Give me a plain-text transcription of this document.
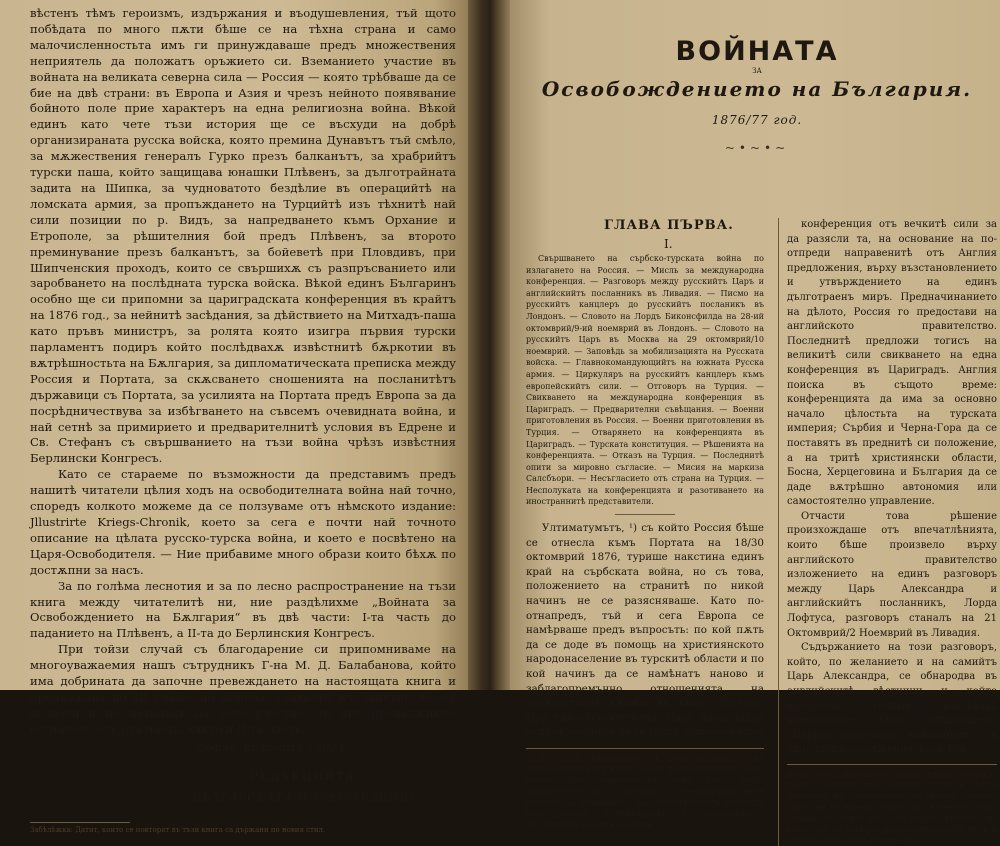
вѣстенъ тѣмъ героизмъ, издържания и въодушевления, тъй щото побѣдата по много пѫти бѣше се на тѣхна страна и само малочисленностьта имъ ги принуждаваше предъ множествения неприятель да положатъ оръжието си. Вземанието участие въ войната на великата северна сила — Россия — която трѣбваше да се бие на двѣ страни: въ Европа и Азия и чрезъ нейното появявание бойното поле прие характеръ на една религиозна война. Вѣкой единъ като чете тъзи история ще се въсхуди на добрѣ организираната русска войска, която премина Дунавътъ тъй смѣло, за мѫжествения генералъ Гурко презъ балканътъ, за храбрийтъ турски паша, който защищава юнашки Плѣвенъ, за дълготрайната задита на Шипка, за чудноватото бездѣлие въ операцийтѣ на ломската армия, за пропъждането на Турцийтѣ изъ тѣхнитѣ най сили позиции по р. Видъ, за напредването къмъ Орхание и Етрополе, за рѣшителния бой предъ Плѣвенъ, за второто преминувание презъ балканътъ, за бойеветѣ при Пловдивъ, при Шипченския проходъ, които се свършихѫ съ разпръсванието или заробването на послѣдната турска войска. Вѣкой единъ Българинъ особно ще си припомни за цариградската конференция въ крайтъ на 1876 год., за нейнитѣ засѣдания, за дѣйствието на Митхадъ-паша като пръвъ министръ, за ролята която изигра първия турски парламентъ подиръ който послѣдвахѫ извѣстнитѣ бѫркотии въ вѫтрѣшностьта на Бѫлгария, за дипломатическата преписка между Россия и Портата, за скѫсването сношенията на посланитѣтъ държавици съ Портата, за усилията на Портата предъ Европа за да посрѣдничествува за избѣгването на съвсемъ очевидната война, и най сетнѣ за примирието и предварителнитѣ условия въ Едрене и Св. Стефанъ съ свършванието на тъзи война чрѣзъ извѣстния Берлински Конгресъ.

Като се стараеме по възможности да представимъ предъ нашитѣ читатели цѣлия ходъ на освободителната война най точно, споредъ колкото можеме да се ползуваме отъ нѣмското издание: Jllustrirte Kriegs-Chronik, което за сега е почти най точното описание на цѣлата русско-турска война, и което е посвѣтено на Царя-Освободителя. — Ние прибавиме много образи които бѣхѫ по достѫпни за насъ.

За по голѣма леснотия и за по лесно распространение на тъзи книга между читателитѣ ни, ние раздѣлихме „Войната за Освобождението на Бѫлгария“ въ двѣ части: I-та часть до паданието на Плѣвенъ, а II-та до Берлинския Конгресъ.

При тойзи случай съ благодарение си припомниваме на многоуважаемия нашъ сътрудникъ Г-на М. Д. Балабанова, който има добрината да започне превеждането на настоящата книга и продължава до III глава; но понеже главното му занятие не му позволи и по натадъкъ да земе участие, то ние продължихме остналото отъ I-та часть, както и II-та часть.

София, въ крайтъ 1882 г.
РЕДАКЦИЯТА
на
„БЪЛГАРСКАТА ИЛЛЮСТРАЦИЯ“.
Забѣлѣжка: Датит, които се повторят въ тъзи книга са държани по новия стил.
ВОЙНАТА
ЗА
Освобождението на България.
1876/77 год.
~•~•~
ГЛАВА ПЪРВА.
I.
Свършването на сърбско-турската война по излагането на Россия. — Мисль за международна конференция. — Разговоръ между русскийтъ Царъ и английскийтъ посланникъ въ Ливадия. — Писмо на русскийтъ канцлеръ до русскийтъ посланикъ въ Лондонъ. — Словото на Лордъ Биконсфилда на 28-ий октомврий/9-ий ноемврий въ Лондонъ. — Словото на русскийтъ Царъ въ Москва на 29 октомврий/10 ноемврий. — Заповѣдь за мобилизацията на Русската войска. — Главнокомандующийтъ на южната Русска армия. — Циркуляръ на русскийтъ канцлеръ къмъ европейскийтъ сили. — Отговоръ на Турция. — Свикването на международна конференция въ Цариградъ. — Предварителни съвѣщания. — Военни приготовления въ Россия. — Военни приготовления въ Турция. — Отварянето на конференцията въ Цариградъ. — Турската конституция. — Рѣшенията на конференцията. — Отказъ на Турция. — Последнитѣ опити за мировно съгласие. — Мисия на маркиза Салсбъори. — Несъгласието отъ страна на Турция. — Несполуката на конференцията и разотиването на иностраннитѣ представители.

Ултиматумътъ, ¹) съ който Россия бѣше се отнесла къмъ Портата на 18/30 октомврий 1876, турише накстина единъ край на сърбската война, но съ това, положението на странитѣ по никой начинъ не се разясняваше. Като по-отнапредъ, тъй и сега Европа се намѣрваше предъ въпросъть: по кой пѫть да се доде въ помощь на християнското народонаселение въ турскитѣ области и по кой начинъ да се намѣнатъ наново и заблагопремънно отношенията на подвластнитѣ княжества къмъ Портата. При тия обстоятелства, Царь Александра исказа желание да се свика поканено една

¹) М. Д. Б. Ултиматумъ съ дума латинска и въ дипломатическитѣ язикъ, значи предложението, което прави едно правителство къмъ едно друго правителство като послѣдно и невъзвратно вече условие за решаването на съществующата помежду имъ распря. Ултиматумътъ е окончателното послѣдствие на една размяна

конференция отъ вечкитѣ сили за да разясли та, на основание на по-отпреди направенитѣ отъ Англия предложения, върху възстановлението и утвърждението на единъ дълготраенъ миръ. Предначинанието на дѣлото, Россия го предостави на английското правителство. Последнитѣ предложи тогисъ на великитѣ сили свикването на една конференция въ Цариградъ. Англия поиска въ същото време: конференцията да има за основно начало цѣлостьта на турската империя; Сърбия и Черна-Гора да се поставятъ въ преднитѣ си положение, а на тритѣ християнски области, Босна, Херцеговина и България да се даде вѫтрѣшно автономия или самостоятелно управление.

Отчасти това рѣшение произхождаше отъ впечатлѣнията, които бѣше произвело върху английското правителство изложението на единъ разговоръ между Царь Александра и английскийтъ посланникъ, Лорда Лофтуса, разговоръ станалъ на 21 Октомврий/2 Ноемврий въ Ливадия.

Съдържанието на този разговоръ, който, по желанието и на самийтъ Царь Александра, се обнародва въ английскитѣ вѣстници и който произведе голѣмо навсѣкадѣ впечатлѣние, бѣше слѣдующето: „Царьтъ започналъ найнапредъ, съ едно дълго разсъжение, какъ Той

несъгласни преговори върху единъ въпросъ, който раздѣля две държави. Той е често предтеча на обявлението на война, защото, който не го приеме тогисъ щѣ е вече на една страна, съ която не е въ добро съгласие, на която щѣ се затвори дипломатическитѣ пътъ и дипломатическитѣ отношения.
